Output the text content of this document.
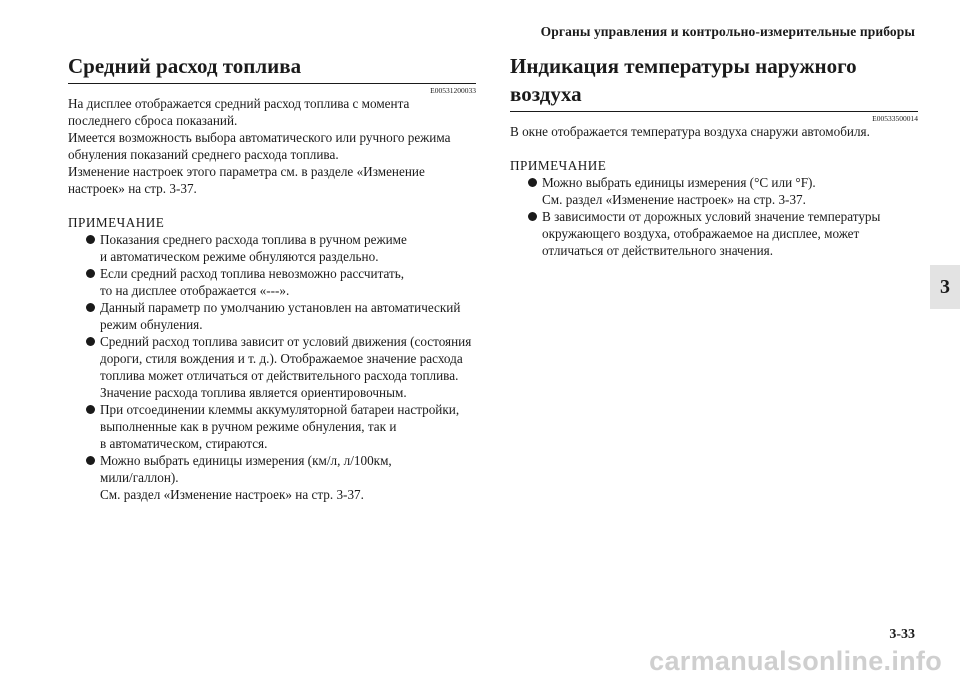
Органы управления и контрольно-измерительные приборы
3
Средний расход топлива
E00531200033

На дисплее отображается средний расход топлива с момента последнего сброса показаний.

Имеется возможность выбора автоматического или ручного режима обнуления показаний среднего расхода топлива.

Изменение настроек этого параметра см. в разделе «Изменение настроек» на стр. 3-37.

ПРИМЕЧАНИЕ

Показания среднего расхода топлива в ручном режиме
и автоматическом режиме обнуляются раздельно.
Если средний расход топлива невозможно рассчитать,
то на дисплее отображается «---».
Данный параметр по умолчанию установлен на автоматический режим обнуления.
Средний расход топлива зависит от условий движения (состояния дороги, стиля вождения и т. д.). Отображаемое значение расхода топлива может отличаться от действительного расхода топлива. Значение расхода топлива является ориентировочным.
При отсоединении клеммы аккумуляторной батареи настройки, выполненные как в ручном режиме обнуления, так и
в автоматическом, стираются.
Можно выбрать единицы измерения (км/л, л/100км,
мили/галлон).
См. раздел «Изменение настроек» на стр. 3-37.
Индикация температуры наружного воздуха
E00533500014

В окне отображается температура воздуха снаружи автомобиля.

ПРИМЕЧАНИЕ

Можно выбрать единицы измерения (°C или °F).
См. раздел «Изменение настроек» на стр. 3-37.
В зависимости от дорожных условий значение температуры окружающего воздуха, отображаемое на дисплее, может отличаться от действительного значения.
3-33
carmanualsonline.info
